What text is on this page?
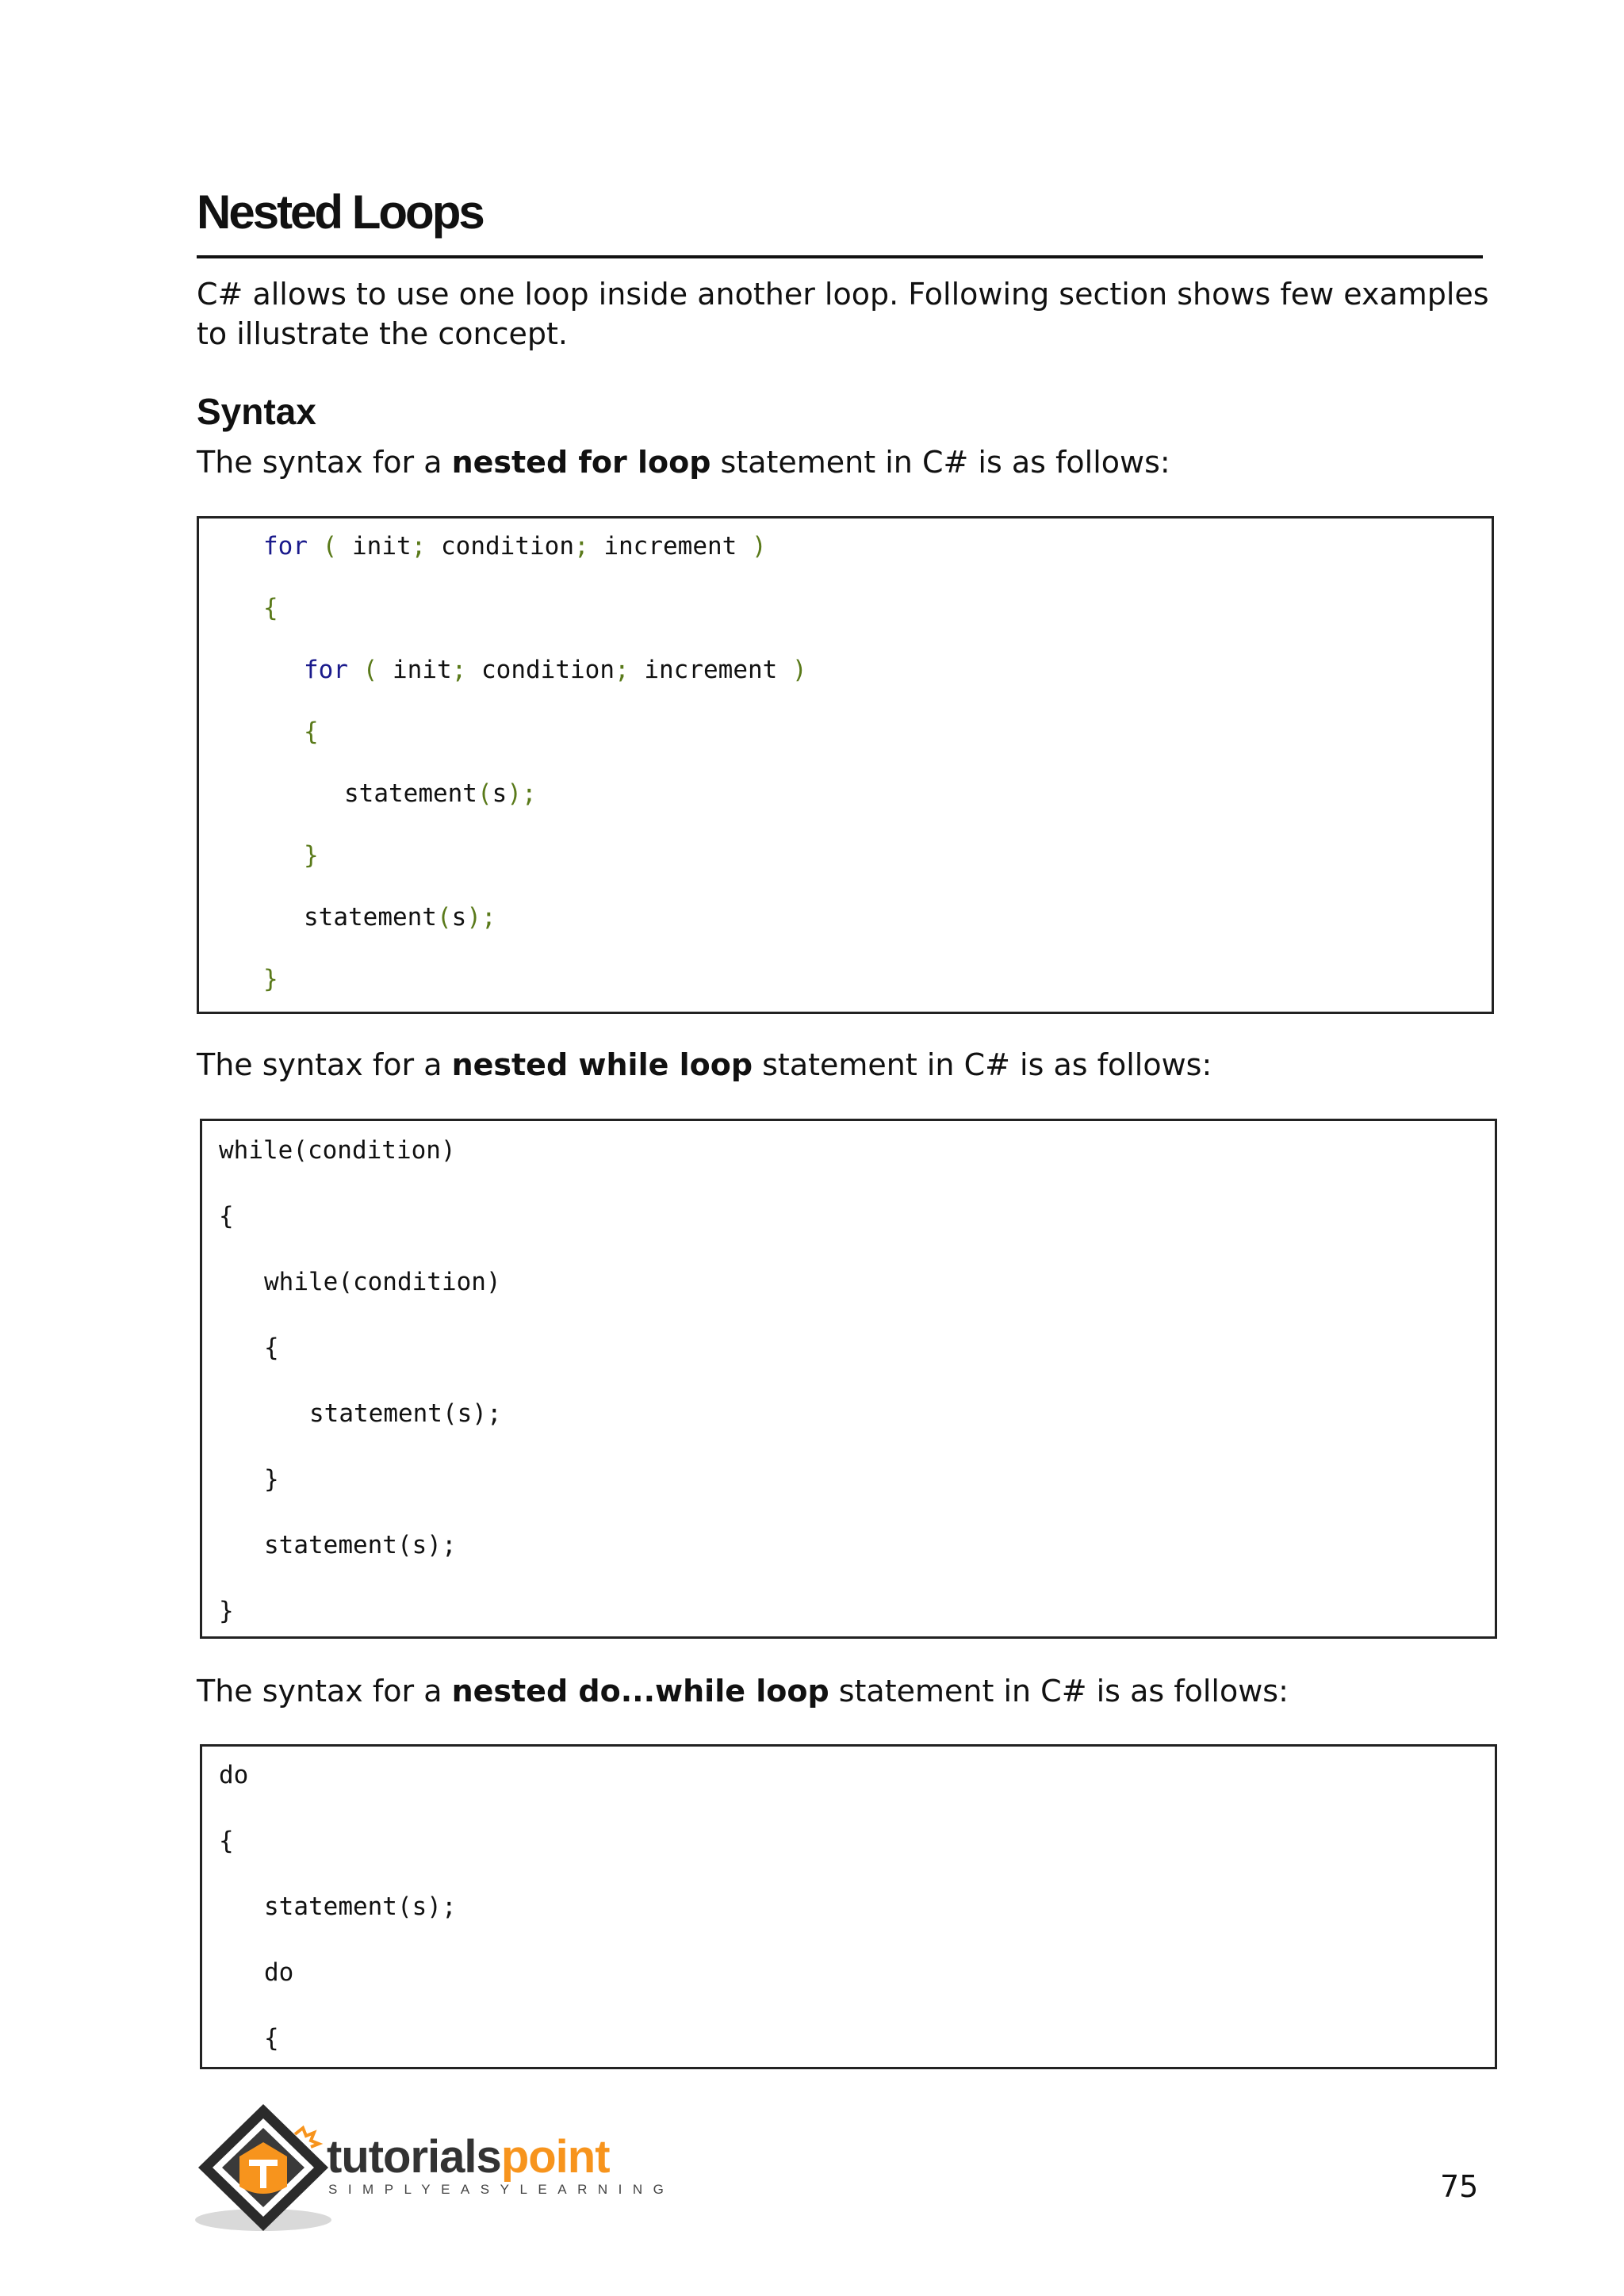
Nested Loops

C# allows to use one loop inside another loop. Following section shows few examples to illustrate the concept.

Syntax

The syntax for a nested for loop statement in C# is as follows:

for ( init; condition; increment )
{
for ( init; condition; increment )
{
statement(s);
}
statement(s);
}

The syntax for a nested while loop statement in C# is as follows:

while(condition)
{
while(condition)
{
statement(s);
}
statement(s);
}

The syntax for a nested do...while loop statement in C# is as follows:

do
{
statement(s);
do
{
tutorialspoint
SIMPLYEASYLEARNING	75
